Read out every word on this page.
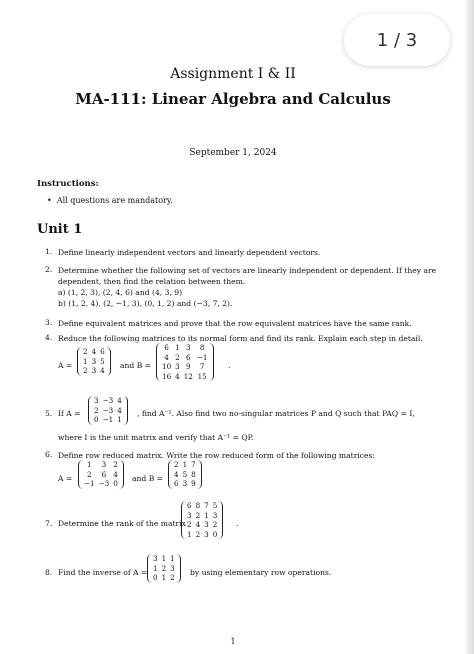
Assignment I & II
MA-111: Linear Algebra and Calculus
September 1, 2024
Instructions:
•  All questions are mandatory.
Unit 1
1. Define linearly independent vectors and linearly dependent vectors.
2. Determine whether the following set of vectors are linearly independent or dependent. If they are
dependent, then find the relation between them.
a) (1, 2, 3), (2, 4, 6) and (4, 3, 9)
b) (1, 2, 4), (2, −1, 3), (0, 1, 2) and (−3, 7, 2).
3. Define equivalent matrices and prove that the row equivalent matrices have the same rank.
4. Reduce the following matrices to its normal form and find its rank. Explain each step in detail.
A =
2 4 6
1 3 5
2 3 4
and B =
6 1 3	8
4 2 6 −1
10 3 9	7
16 4 12 15
.
5. If A =
3 −3 4
2 −3 4
0 −1 1
, find A⁻¹. Also find two no-singular matrices P and Q such that PAQ = I,
where I is the unit matrix and verify that A⁻¹ = QP.
6. Define row reduced matrix. Write the row reduced form of the following matrices:
A =
1	3 2
2	6 4
−1 −3 0
and B =
2 1 7
4 5 8
6 3 9
7. Determine the rank of the matrix
6 8 7 5
3 2 1 3
2 4 3 2
1 2 3 0
.
8. Find the inverse of A =
3 1 1
1 2 3
0 1 2
by using elementary row operations.
1
1 / 3
